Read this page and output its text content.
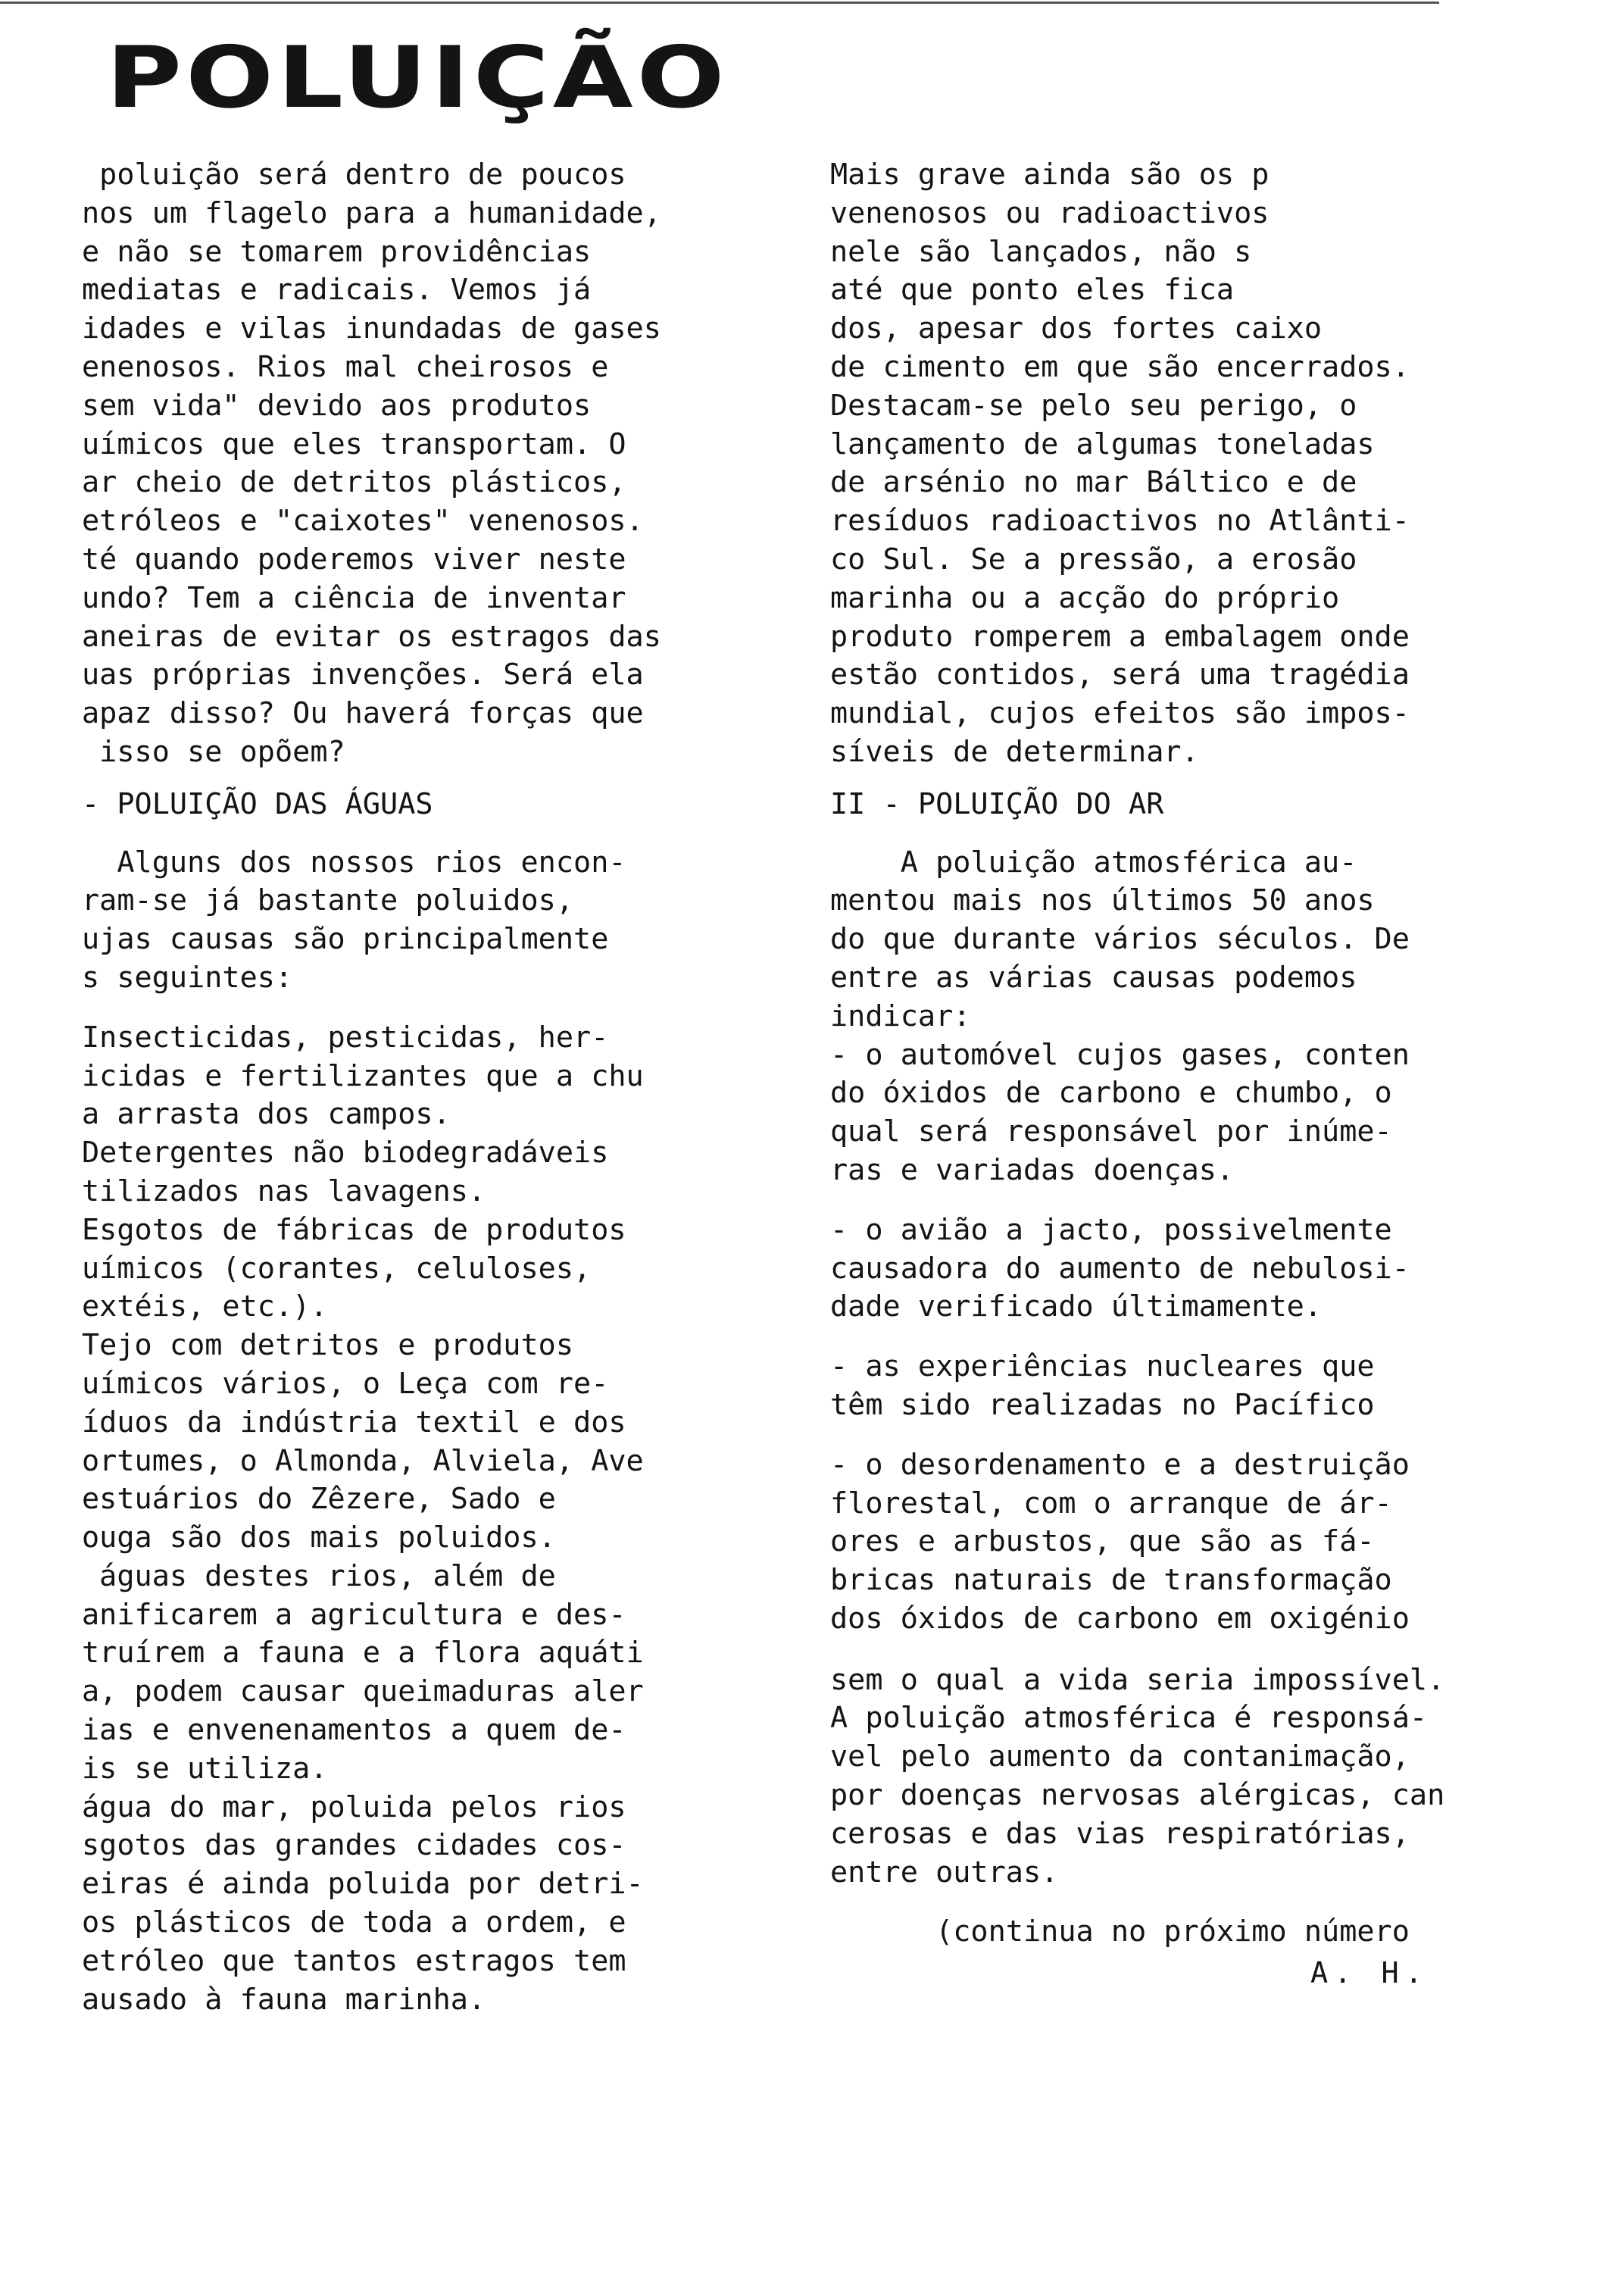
POLUIÇÃO
poluição será dentro de poucos
nos um flagelo para a humanidade,
e não se tomarem providências
mediatas e radicais. Vemos já
idades e vilas inundadas de gases
enenosos. Rios mal cheirosos e
sem vida" devido aos produtos
uímicos que eles transportam. O
ar cheio de detritos plásticos,
etróleos e "caixotes" venenosos.
té quando poderemos viver neste
undo? Tem a ciência de inventar
aneiras de evitar os estragos das
uas próprias invenções. Será ela
apaz disso? Ou haverá forças que
isso se opõem?
- POLUIÇÃO DAS ÁGUAS
Alguns dos nossos rios encon-
ram-se já bastante poluidos,
ujas causas são principalmente
s seguintes:
Insecticidas, pesticidas, her-
icidas e fertilizantes que a chu
a arrasta dos campos.
Detergentes não biodegradáveis
tilizados nas lavagens.
Esgotos de fábricas de produtos
uímicos (corantes, celuloses,
extéis, etc.).
Tejo com detritos e produtos
uímicos vários, o Leça com re-
íduos da indústria textil e dos
ortumes, o Almonda, Alviela, Ave
estuários do Zêzere, Sado e
ouga são dos mais poluidos.
águas destes rios, além de
anificarem a agricultura e des-
truírem a fauna e a flora aquáti
a, podem causar queimaduras aler
ias e envenenamentos a quem de-
is se utiliza.
água do mar, poluida pelos rios
sgotos das grandes cidades cos-
eiras é ainda poluida por detri-
os plásticos de toda a ordem, e
etróleo que tantos estragos tem
ausado à fauna marinha.
Mais grave ainda são os p
venenosos ou radioactivos
nele são lançados, não s
até que ponto eles fica
dos, apesar dos fortes caixo
de cimento em que são encerrados.
Destacam-se pelo seu perigo, o
lançamento de algumas toneladas
de arsénio no mar Báltico e de
resíduos radioactivos no Atlânti-
co Sul. Se a pressão, a erosão
marinha ou a acção do próprio
produto romperem a embalagem onde
estão contidos, será uma tragédia
mundial, cujos efeitos são impos-
síveis de determinar.
II - POLUIÇÃO DO AR
A poluição atmosférica au-
mentou mais nos últimos 50 anos
do que durante vários séculos. De
entre as várias causas podemos
indicar:
- o automóvel cujos gases, conten
do óxidos de carbono e chumbo, o
qual será responsável por inúme-
ras e variadas doenças.
- o avião a jacto, possivelmente
causadora do aumento de nebulosi-
dade verificado últimamente.
- as experiências nucleares que
têm sido realizadas no Pacífico
- o desordenamento e a destruição
florestal, com o arranque de ár-
ores e arbustos, que são as fá-
bricas naturais de transformação
dos óxidos de carbono em oxigénio
sem o qual a vida seria impossível.
A poluição atmosférica é responsá-
vel pelo aumento da contanimação,
por doenças nervosas alérgicas, can
cerosas e das vias respiratórias,
entre outras.
(continua no próximo número
A. H.
